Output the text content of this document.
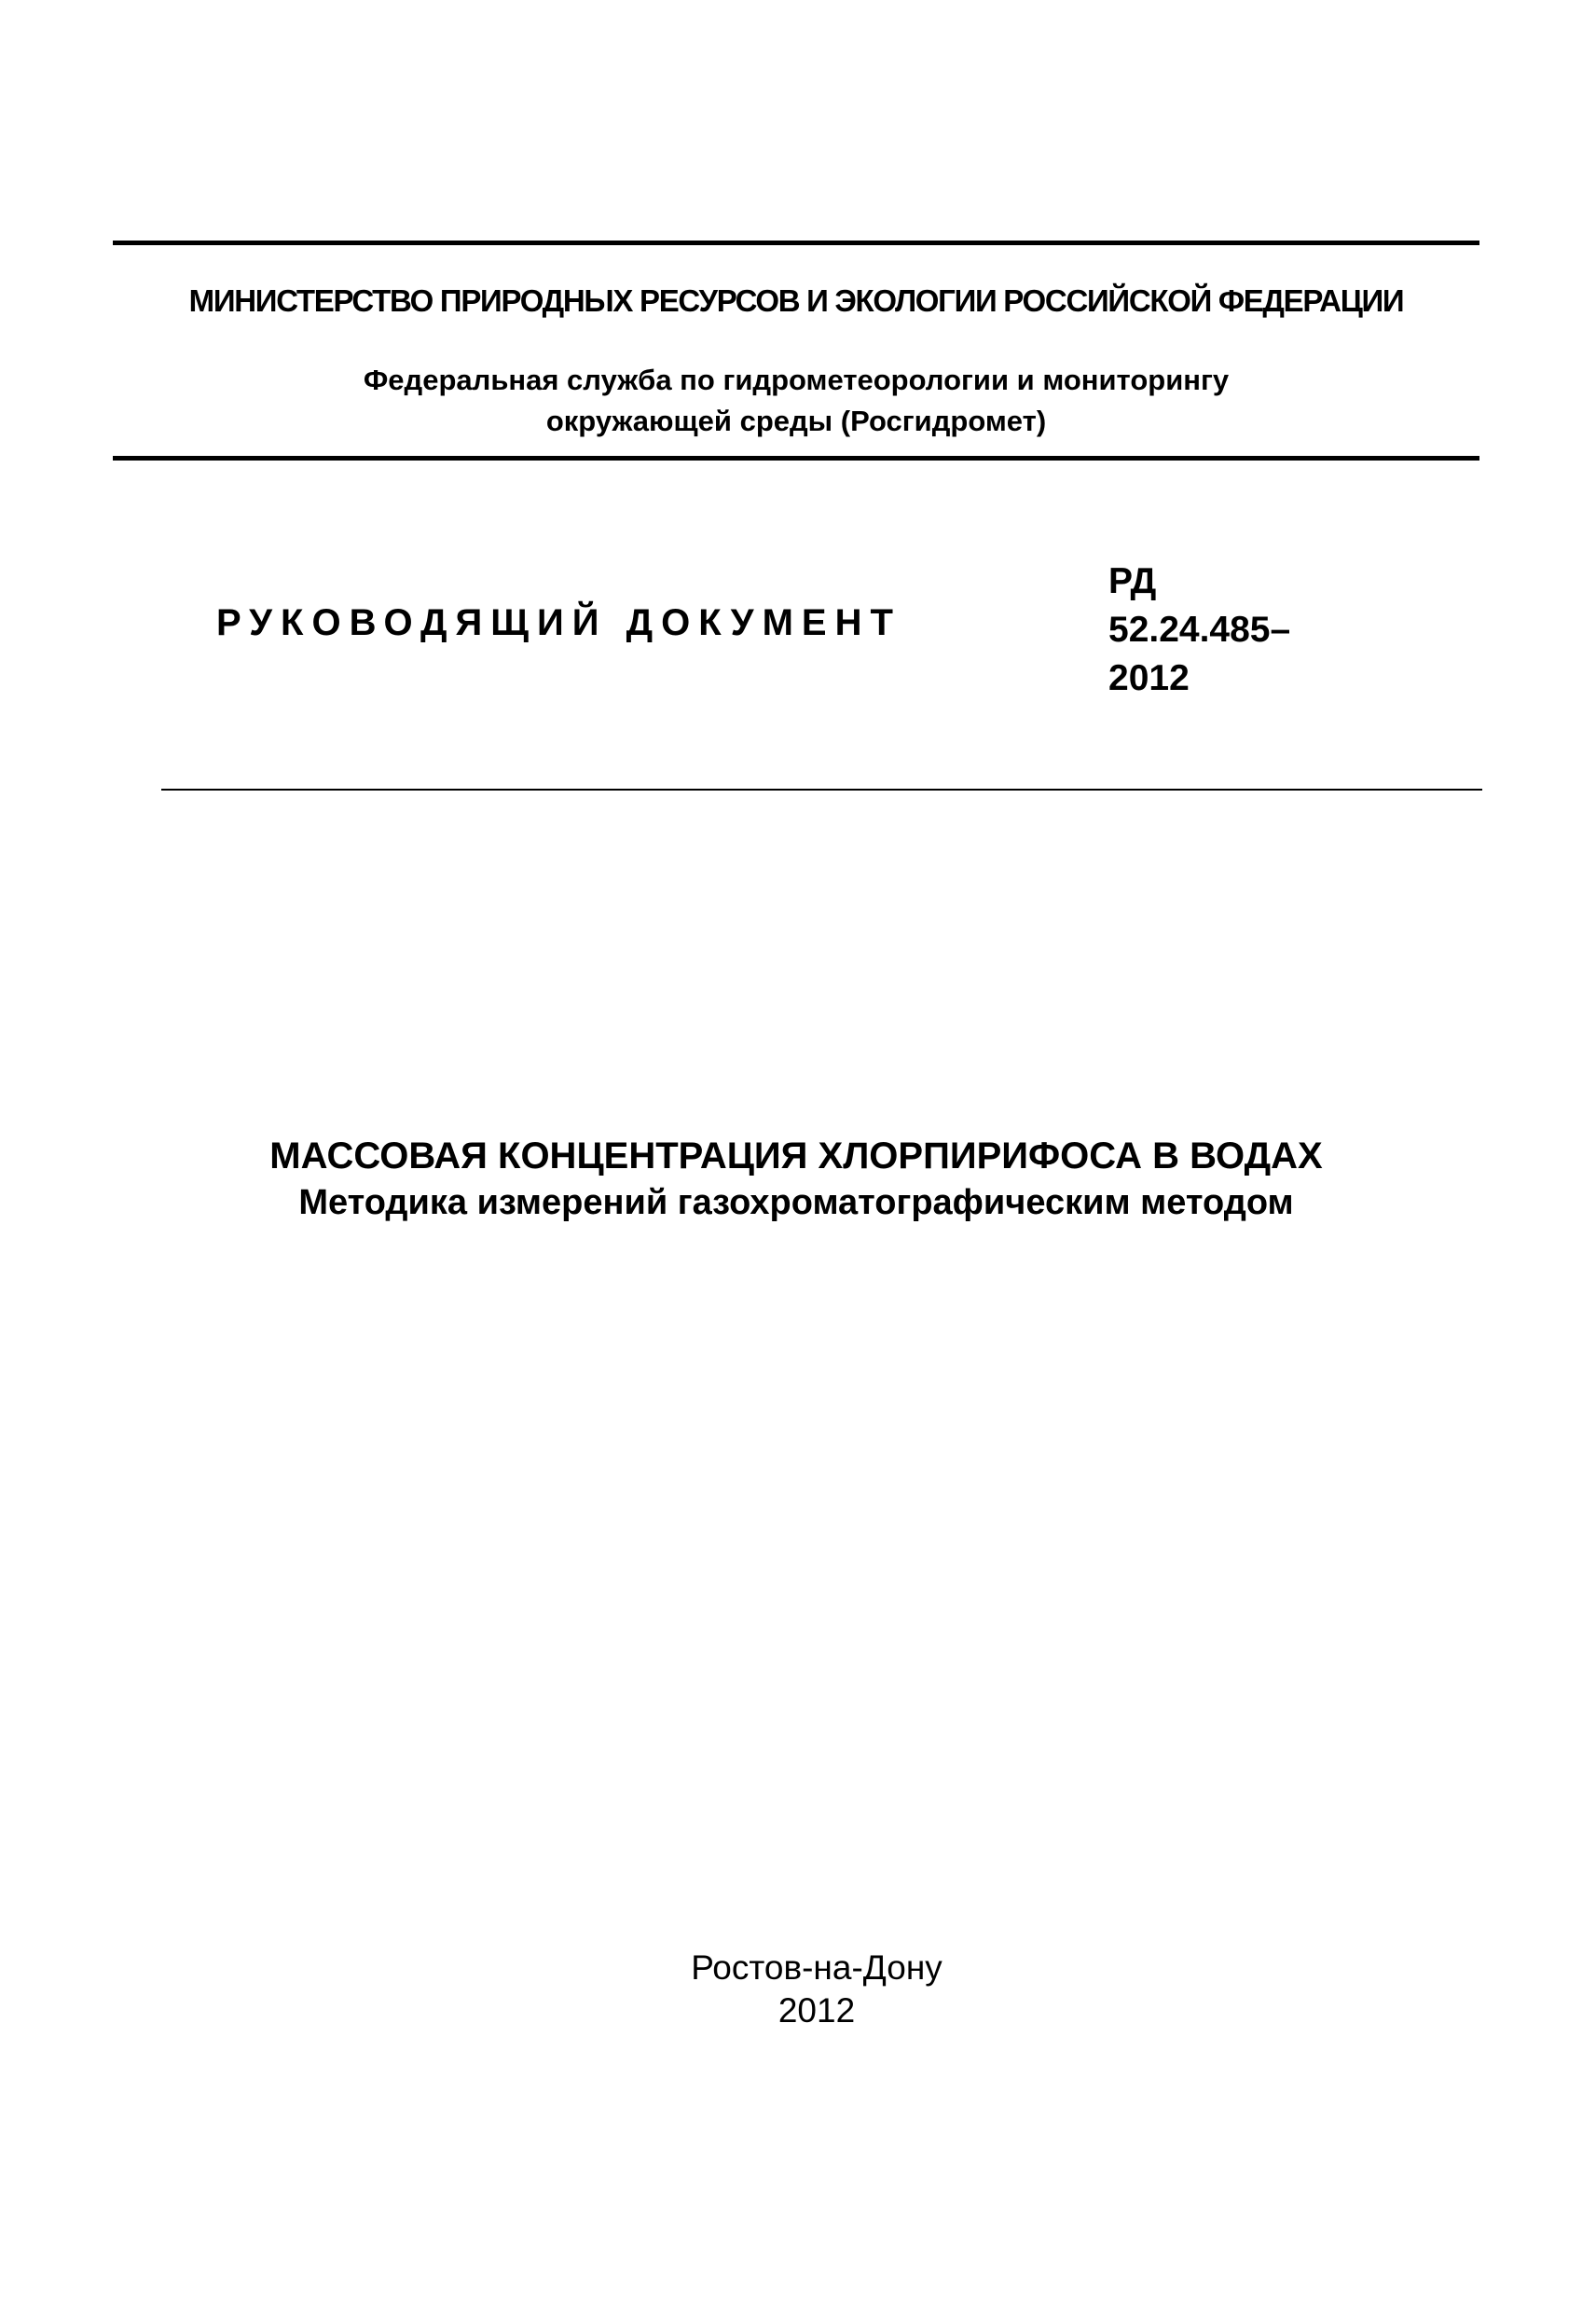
МИНИСТЕРСТВО ПРИРОДНЫХ РЕСУРСОВ И ЭКОЛОГИИ РОССИЙСКОЙ ФЕДЕРАЦИИ
Федеральная служба по гидрометеорологии и мониторингу
окружающей среды (Росгидромет)
РУКОВОДЯЩИЙ ДОКУМЕНТ
РД
52.24.485–
2012
МАССОВАЯ КОНЦЕНТРАЦИЯ ХЛОРПИРИФОСА В ВОДАХ
Методика измерений газохроматографическим методом
Ростов-на-Дону
2012
